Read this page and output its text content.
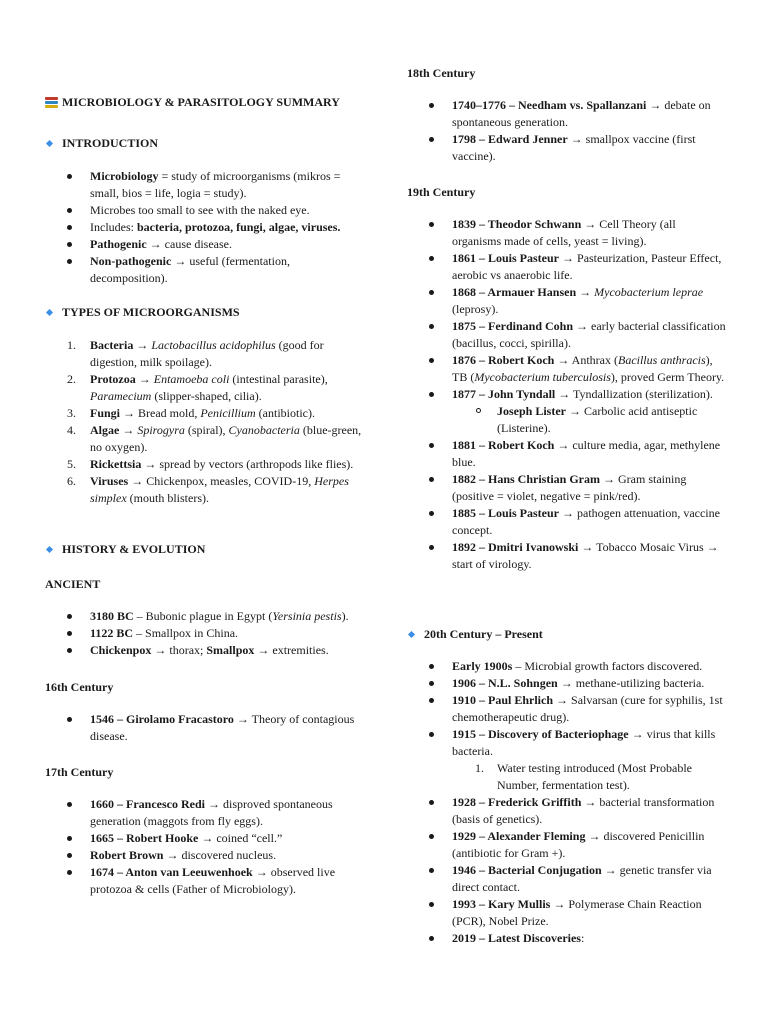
MICROBIOLOGY & PARASITOLOGY SUMMARY
INTRODUCTION
Microbiology = study of microorganisms (mikros = small, bios = life, logia = study).
Microbes too small to see with the naked eye.
Includes: bacteria, protozoa, fungi, algae, viruses.
Pathogenic → cause disease.
Non-pathogenic → useful (fermentation, decomposition).
TYPES OF MICROORGANISMS
1. Bacteria → Lactobacillus acidophilus (good for digestion, milk spoilage).
2. Protozoa → Entamoeba coli (intestinal parasite), Paramecium (slipper-shaped, cilia).
3. Fungi → Bread mold, Penicillium (antibiotic).
4. Algae → Spirogyra (spiral), Cyanobacteria (blue-green, no oxygen).
5. Rickettsia → spread by vectors (arthropods like flies).
6. Viruses → Chickenpox, measles, COVID-19, Herpes simplex (mouth blisters).
HISTORY & EVOLUTION
ANCIENT
3180 BC – Bubonic plague in Egypt (Yersinia pestis).
1122 BC – Smallpox in China.
Chickenpox → thorax; Smallpox → extremities.
16th Century
1546 – Girolamo Fracastoro → Theory of contagious disease.
17th Century
1660 – Francesco Redi → disproved spontaneous generation (maggots from fly eggs).
1665 – Robert Hooke → coined “cell.”
Robert Brown → discovered nucleus.
1674 – Anton van Leeuwenhoek → observed live protozoa & cells (Father of Microbiology).
18th Century
1740–1776 – Needham vs. Spallanzani → debate on spontaneous generation.
1798 – Edward Jenner → smallpox vaccine (first vaccine).
19th Century
1839 – Theodor Schwann → Cell Theory (all organisms made of cells, yeast = living).
1861 – Louis Pasteur → Pasteurization, Pasteur Effect, aerobic vs anaerobic life.
1868 – Armauer Hansen → Mycobacterium leprae (leprosy).
1875 – Ferdinand Cohn → early bacterial classification (bacillus, cocci, spirilla).
1876 – Robert Koch → Anthrax (Bacillus anthracis), TB (Mycobacterium tuberculosis), proved Germ Theory.
1877 – John Tyndall → Tyndallization (sterilization).
Joseph Lister → Carbolic acid antiseptic (Listerine).
1881 – Robert Koch → culture media, agar, methylene blue.
1882 – Hans Christian Gram → Gram staining (positive = violet, negative = pink/red).
1885 – Louis Pasteur → pathogen attenuation, vaccine concept.
1892 – Dmitri Ivanowski → Tobacco Mosaic Virus → start of virology.
20th Century – Present
Early 1900s – Microbial growth factors discovered.
1906 – N.L. Sohngen → methane-utilizing bacteria.
1910 – Paul Ehrlich → Salvarsan (cure for syphilis, 1st chemotherapeutic drug).
1915 – Discovery of Bacteriophage → virus that kills bacteria.
1. Water testing introduced (Most Probable Number, fermentation test).
1928 – Frederick Griffith → bacterial transformation (basis of genetics).
1929 – Alexander Fleming → discovered Penicillin (antibiotic for Gram +).
1946 – Bacterial Conjugation → genetic transfer via direct contact.
1993 – Kary Mullis → Polymerase Chain Reaction (PCR), Nobel Prize.
2019 – Latest Discoveries:
